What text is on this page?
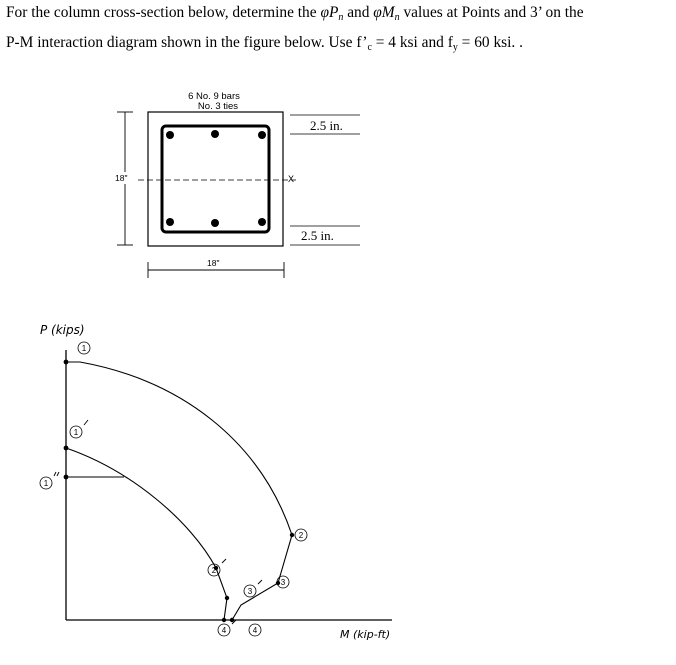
For the column cross-section below, determine the $\varphi P_n$ and $\varphi M_n$ values at Points and 3’ on the

P-M interaction diagram shown in the figure below. Use f’c = 4 ksi and fy = 60 ksi. .

6 No. 9 bars
No. 3 ties
X
2.5 in.
2.5 in.
18"
18"
P (kips)
M (kip-ft)
1
1
1
2
2
3
3
4
4
